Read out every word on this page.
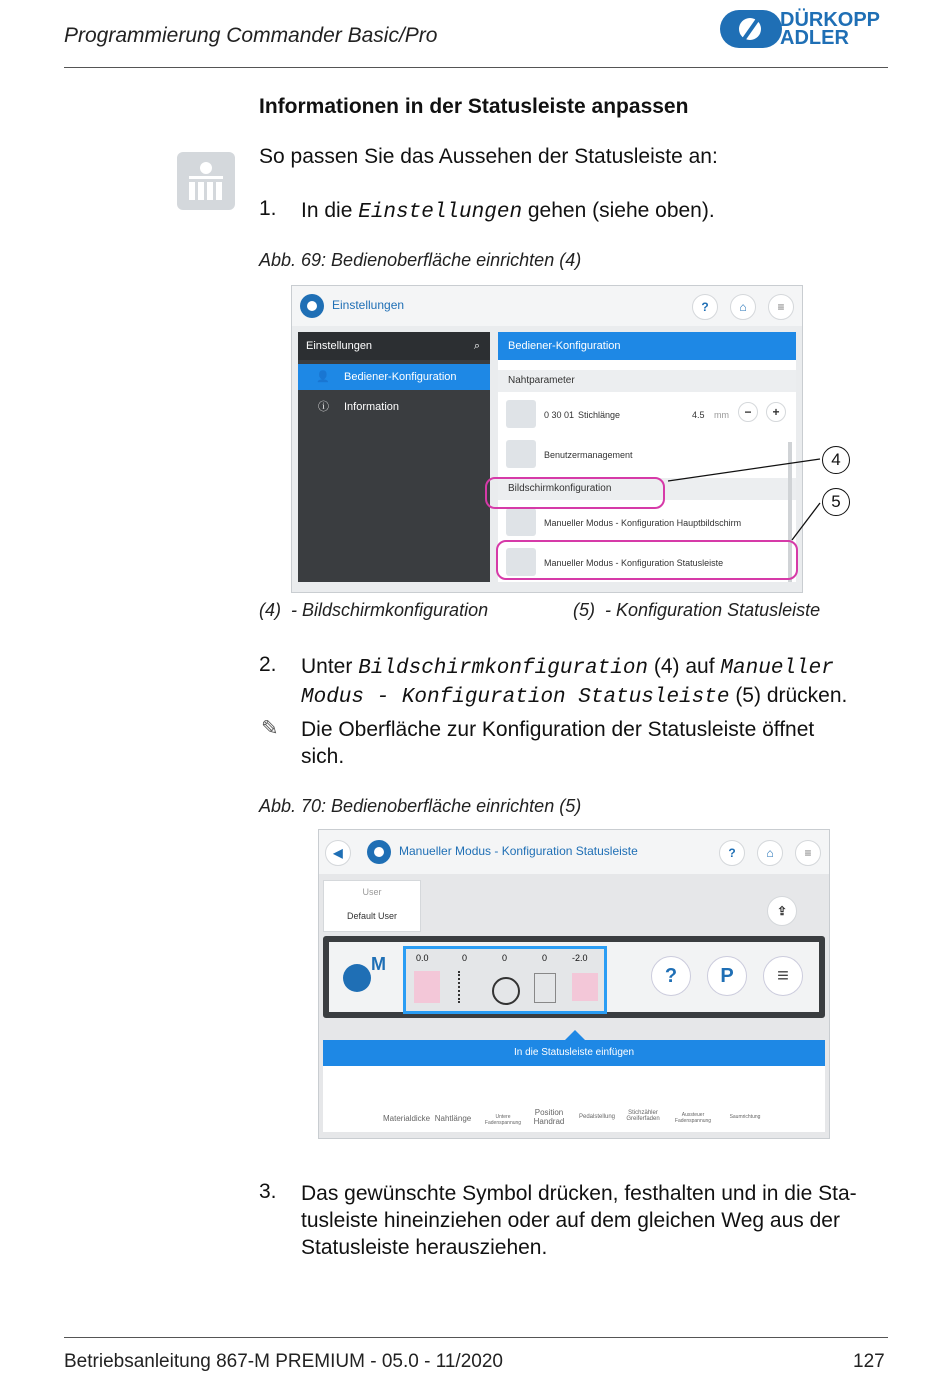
Programmierung Commander Basic/Pro
DÜRKOPP
ADLER
Informationen in der Statusleiste anpassen
So passen Sie das Aussehen der Statusleiste an:
1. In die Einstellungen gehen (siehe oben).
Abb. 69: Bedienoberfläche einrichten (4)
Einstellungen	?	⌂	≡
Einstellungen	⌕
👤 Bediener-Konfiguration
ⓘ Information
Bediener-Konfiguration
Nahtparameter
0 30 01 Stichlänge	4.5 mm	−	+
Benutzermanagement
Bildschirmkonfiguration
Manueller Modus - Konfiguration Hauptbildschirm
Manueller Modus - Konfiguration Statusleiste
4
5
(4) - Bildschirmkonfiguration	(5) - Konfiguration Statusleiste
2. Unter Bildschirmkonfiguration (4) auf Manueller
Modus - Konfiguration Statusleiste (5) drücken.
✎ Die Oberfläche zur Konfiguration der Statusleiste öffnet
sich.
Abb. 70: Bedienoberfläche einrichten (5)
◀	Manueller Modus - Konfiguration Statusleiste	?	⌂	≡
User
Default User	⇪
M	0.0	0	0	0	-2.0
?	P	≡
In die Statusleiste einfügen
Materialdicke Nahtlänge	Untere Fadenspannung
Position Handrad	Pedalstellung
Stichzähler Greiferfaden
Aussteuer Fadenspannung
Saumrichtung
3. Das gewünschte Symbol drücken, festhalten und in die Sta-
tusleiste hineinziehen oder auf dem gleichen Weg aus der
Statusleiste herausziehen.
Betriebsanleitung 867-M PREMIUM - 05.0 - 11/2020	127
